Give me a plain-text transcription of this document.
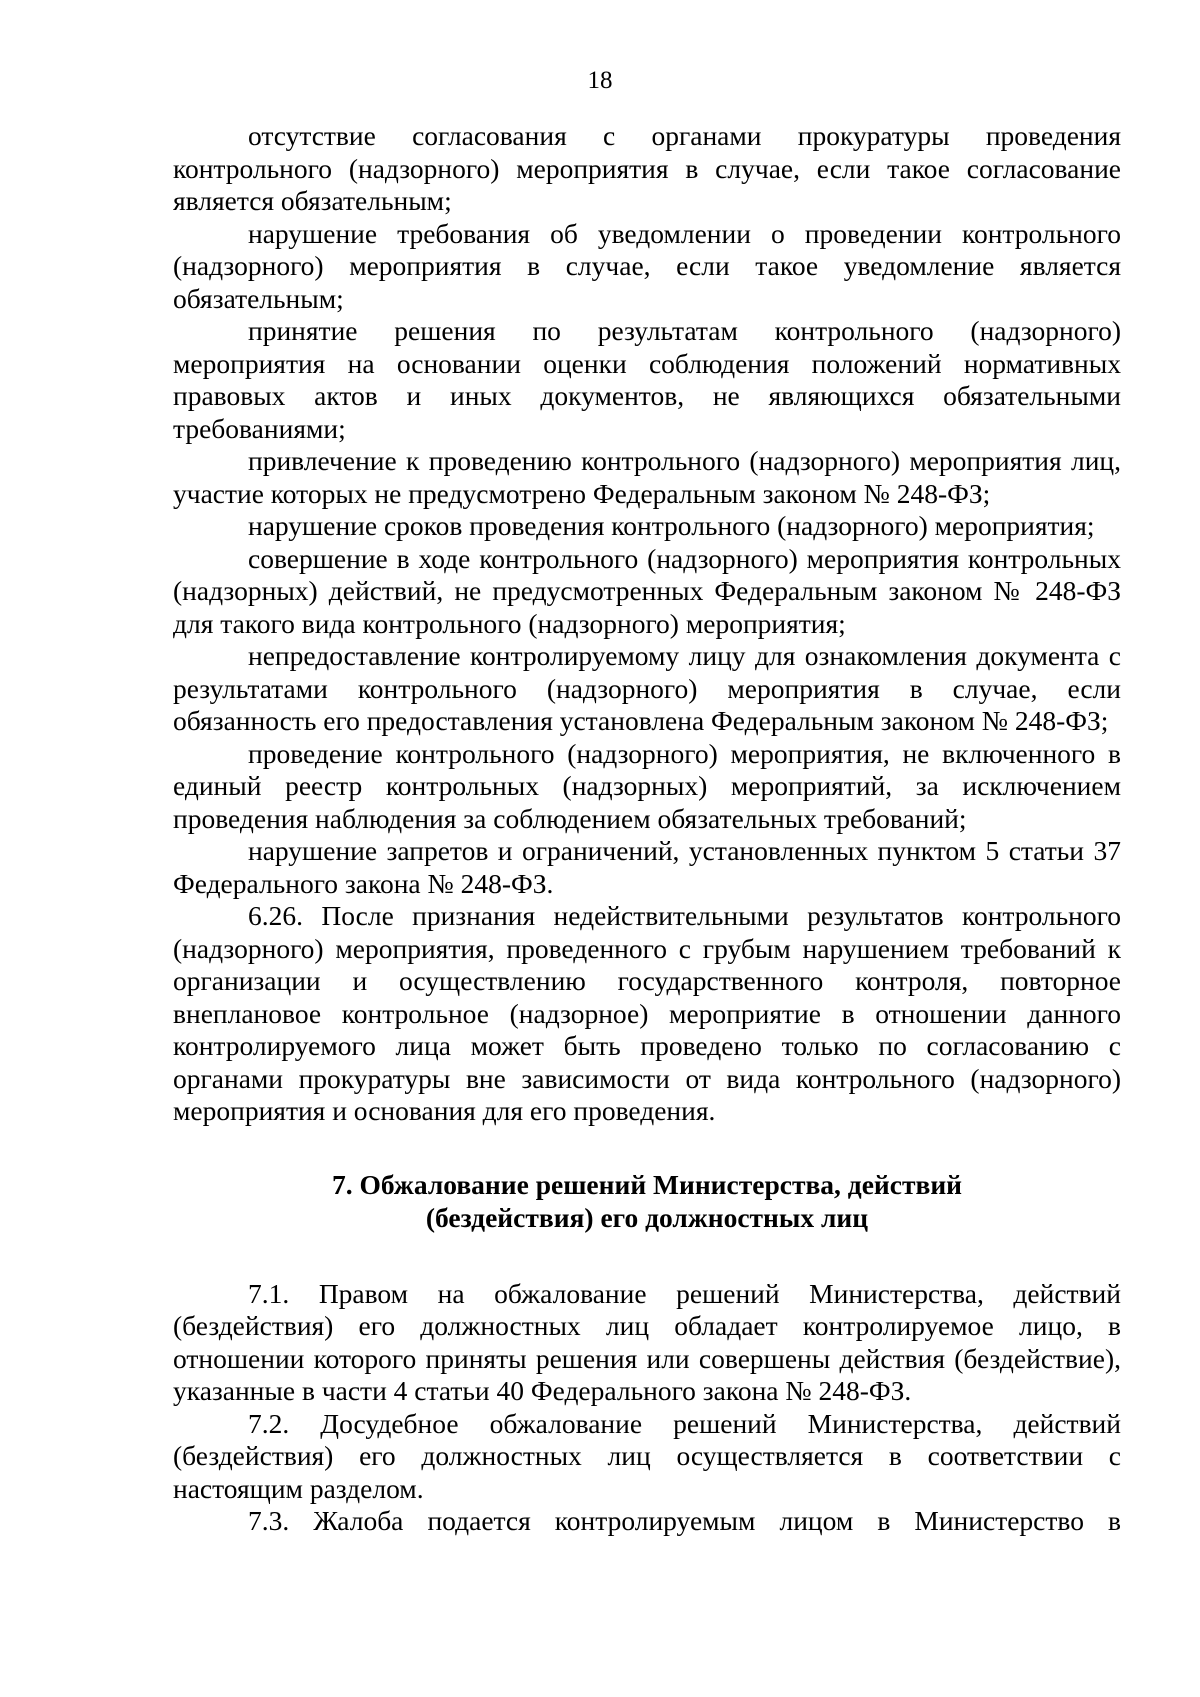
18

отсутствие согласования с органами прокуратуры проведения контрольного (надзорного) мероприятия в случае, если такое согласование является обязательным;

нарушение требования об уведомлении о проведении контрольного (надзорного) мероприятия в случае, если такое уведомление является обязательным;

принятие решения по результатам контрольного (надзорного) мероприятия на основании оценки соблюдения положений нормативных правовых актов и иных документов, не являющихся обязательными требованиями;

привлечение к проведению контрольного (надзорного) мероприятия лиц, участие которых не предусмотрено Федеральным законом № 248-ФЗ;

нарушение сроков проведения контрольного (надзорного) мероприятия;

совершение в ходе контрольного (надзорного) мероприятия контрольных (надзорных) действий, не предусмотренных Федеральным законом № 248-ФЗ для такого вида контрольного (надзорного) мероприятия;

непредоставление контролируемому лицу для ознакомления документа с результатами контрольного (надзорного) мероприятия в случае, если обязанность его предоставления установлена Федеральным законом № 248-ФЗ;

проведение контрольного (надзорного) мероприятия, не включенного в единый реестр контрольных (надзорных) мероприятий, за исключением проведения наблюдения за соблюдением обязательных требований;

нарушение запретов и ограничений, установленных пунктом 5 статьи 37 Федерального закона № 248-ФЗ.

6.26. После признания недействительными результатов контрольного (надзорного) мероприятия, проведенного с грубым нарушением требований к организации и осуществлению государственного контроля, повторное внеплановое контрольное (надзорное) мероприятие в отношении данного контролируемого лица может быть проведено только по согласованию с органами прокуратуры вне зависимости от вида контрольного (надзорного) мероприятия и основания для его проведения.

7. Обжалование решений Министерства, действий
(бездействия) его должностных лиц

7.1. Правом на обжалование решений Министерства, действий (бездействия) его должностных лиц обладает контролируемое лицо, в отношении которого приняты решения или совершены действия (бездействие), указанные в части 4 статьи 40 Федерального закона № 248-ФЗ.

7.2. Досудебное обжалование решений Министерства, действий (бездействия) его должностных лиц осуществляется в соответствии с настоящим разделом.

7.3. Жалоба подается контролируемым лицом в Министерство в
